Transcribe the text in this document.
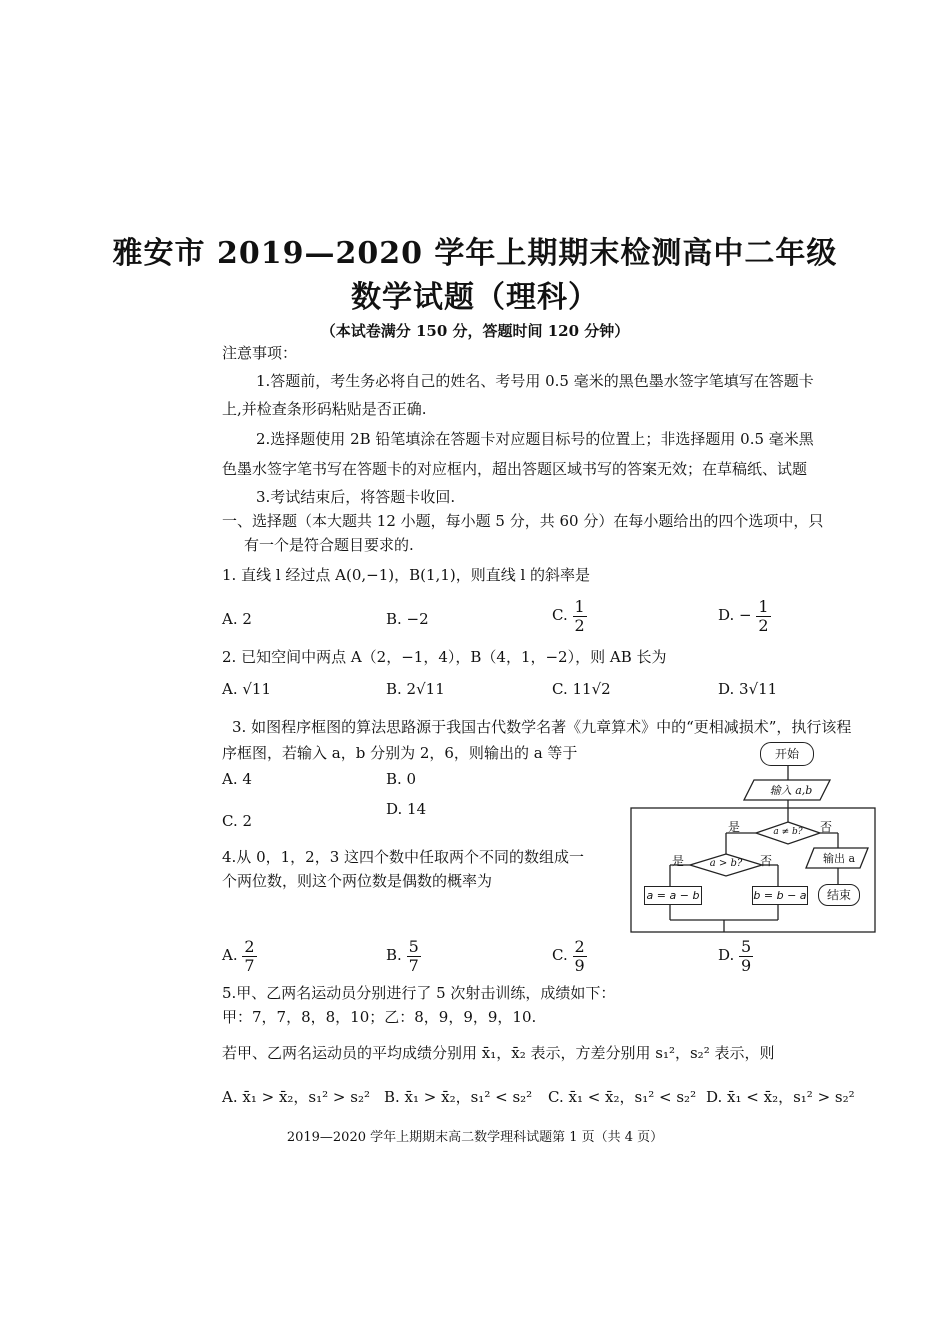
雅安市 2019—2020 学年上期期末检测高中二年级
数学试题（理科）
（本试卷满分 150 分，答题时间 120 分钟）
注意事项：
1.答题前，考生务必将自己的姓名、考号用 0.5 毫米的黑色墨水签字笔填写在答题卡
上,并检查条形码粘贴是否正确.
2.选择题使用 2B 铅笔填涂在答题卡对应题目标号的位置上；非选择题用 0.5 毫米黑
色墨水签字笔书写在答题卡的对应框内，超出答题区域书写的答案无效；在草稿纸、试题
3.考试结束后，将答题卡收回.
一、选择题（本大题共 12 小题，每小题 5 分，共 60 分）在每小题给出的四个选项中，只
有一个是符合题目要求的.
1. 直线 l 经过点 A(0,−1)，B(1,1)，则直线 l 的斜率是
A. 2	B. −2	C. $\frac{1}{2}$	D. − $\frac{1}{2}$
2. 已知空间中两点 A（2，−1，4），B（4，1，−2），则 AB 长为
A. √11	B. 2√11	C. 11√2	D. 3√11
3. 如图程序框图的算法思路源于我国古代数学名著《九章算术》中的“更相减损术”，执行该程
序框图，若输入 a，b 分别为 2，6，则输出的 a 等于
A. 4	B. 0
C. 2
D. 14
开始
输入 a,b
a ≠ b?
是	否
a > b?
是	否
a = a − b	b = b − a
输出 a
结束
4.从 0，1，2，3 这四个数中任取两个不同的数组成一
个两位数，则这个两位数是偶数的概率为
A. $\frac{2}{7}$	B. $\frac{5}{7}$	C. $\frac{2}{9}$	D. $\frac{5}{9}$
5.甲、乙两名运动员分别进行了 5 次射击训练，成绩如下：
甲：7，7，8，8，10；乙：8，9，9，9，10.
若甲、乙两名运动员的平均成绩分别用 x̄₁，x̄₂ 表示，方差分别用 s₁²，s₂² 表示，则
A. x̄₁ > x̄₂，s₁² > s₂² B. x̄₁ > x̄₂，s₁² < s₂² C. x̄₁ < x̄₂，s₁² < s₂² D. x̄₁ < x̄₂，s₁² > s₂²
2019—2020 学年上期期末高二数学理科试题第 1 页（共 4 页）
